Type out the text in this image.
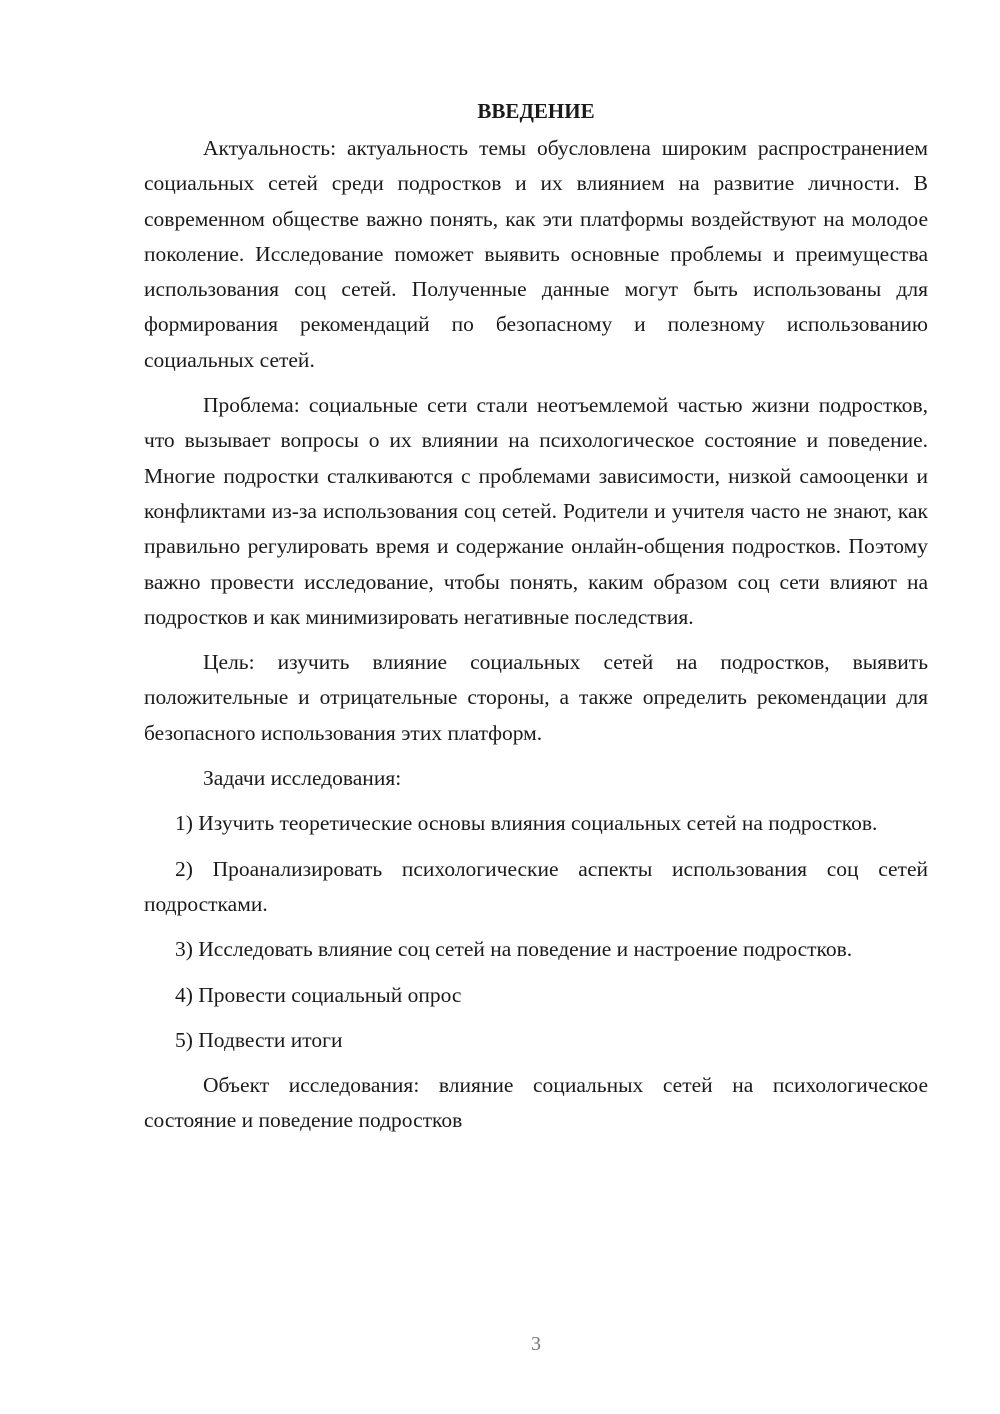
ВВЕДЕНИЕ

Актуальность: актуальность темы обусловлена широким распространением социальных сетей среди подростков и их влиянием на развитие личности. В современном обществе важно понять, как эти платформы воздействуют на молодое поколение. Исследование поможет выявить основные проблемы и преимущества использования соц сетей. Полученные данные могут быть использованы для формирования рекомендаций по безопасному и полезному использованию социальных сетей.

Проблема: социальные сети стали неотъемлемой частью жизни подростков, что вызывает вопросы о их влиянии на психологическое состояние и поведение. Многие подростки сталкиваются с проблемами зависимости, низкой самооценки и конфликтами из-за использования соц сетей. Родители и учителя часто не знают, как правильно регулировать время и содержание онлайн-общения подростков. Поэтому важно провести исследование, чтобы понять, каким образом соц сети влияют на подростков и как минимизировать негативные последствия.

Цель: изучить влияние социальных сетей на подростков, выявить положительные и отрицательные стороны, а также определить рекомендации для безопасного использования этих платформ.

Задачи исследования:

1) Изучить теоретические основы влияния социальных сетей на подростков.

2) Проанализировать психологические аспекты использования соц сетей подростками.

3) Исследовать влияние соц сетей на поведение и настроение подростков.

4) Провести социальный опрос

5) Подвести итоги

Объект исследования: влияние социальных сетей на психологическое состояние и поведение подростков

3
